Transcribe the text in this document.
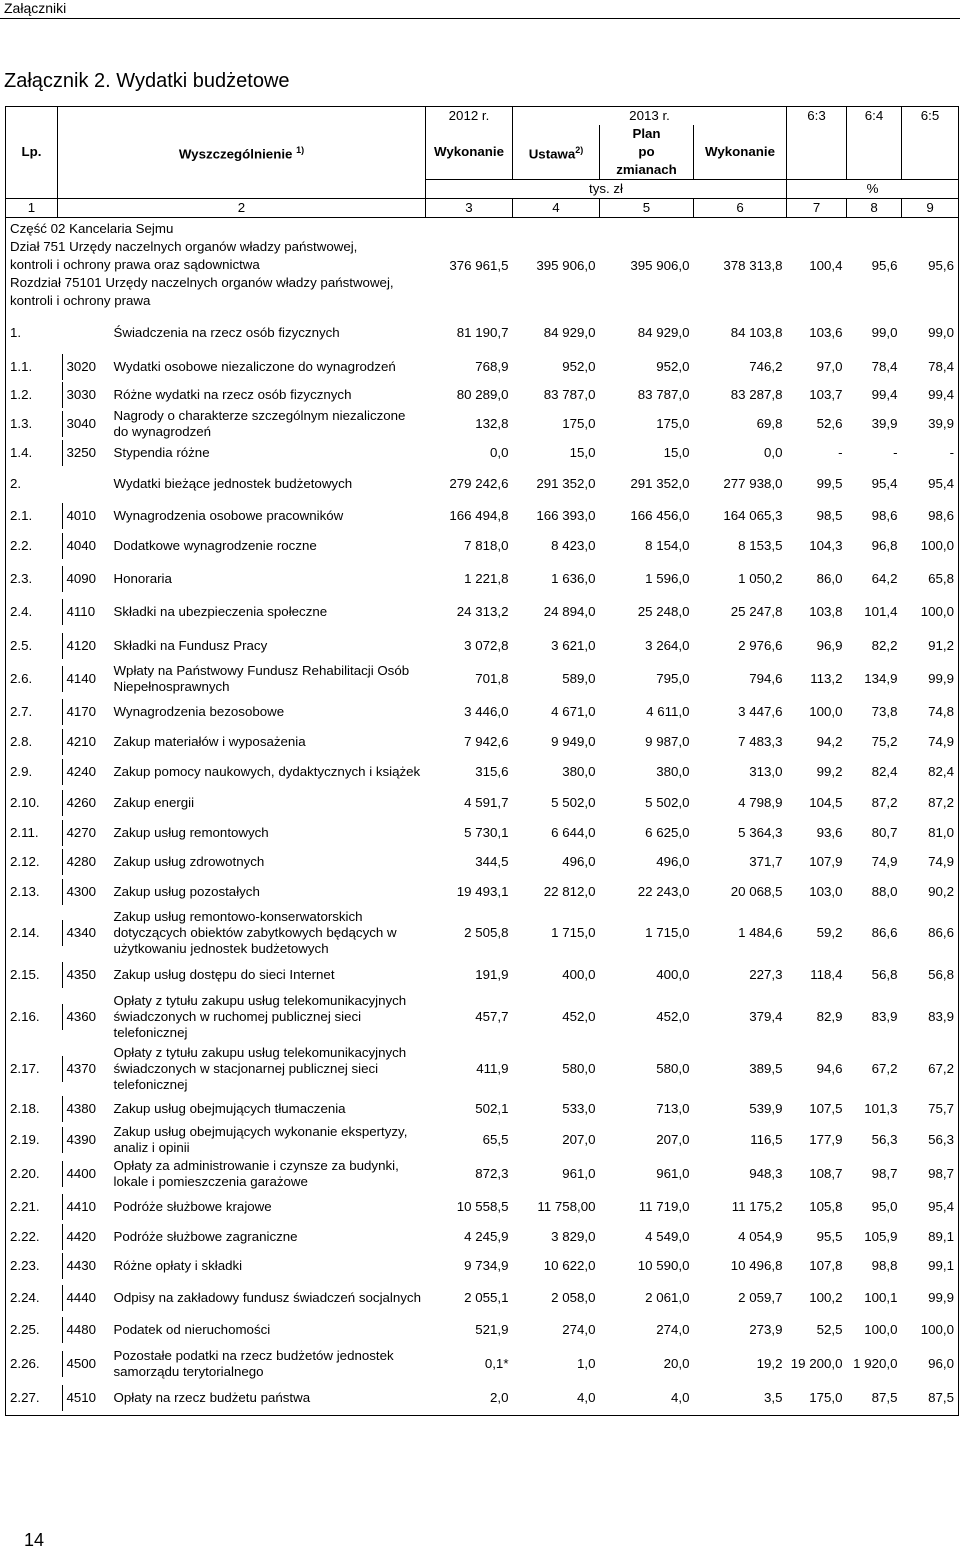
Załączniki
Załącznik 2. Wydatki budżetowe
			2012 r.	2013 r.			6:3	6:4	6:5
Lp.	Wyszczególnienie $^{1)}$		Wykonanie	Ustawa$^{2)}$	Plan
po
zmianach	Wykonanie			
			tys. zł				%		
1	2		3	4	5	6	7	8	9

Część 02 Kancelaria Sejmu
Dział 751 Urzędy naczelnych organów władzy państwowej,
kontroli i ochrony prawa oraz sądownictwa
Rozdział 75101 Urzędy naczelnych organów władzy państwowej,
kontroli i ochrony prawa			376 961,5	395 906,0	395 906,0	378 313,8	100,4	95,6	95,6
1.		Świadczenia na rzecz osób fizycznych	81 190,7	84 929,0	84 929,0	84 103,8	103,6	99,0	99,0
1.1.	3020	Wydatki osobowe niezaliczone do wynagrodzeń	768,9	952,0	952,0	746,2	97,0	78,4	78,4
1.2.	3030	Różne wydatki na rzecz osób fizycznych	80 289,0	83 787,0	83 787,0	83 287,8	103,7	99,4	99,4
1.3.	3040	Nagrody o charakterze szczególnym niezaliczone do wynagrodzeń	132,8	175,0	175,0	69,8	52,6	39,9	39,9
1.4.	3250	Stypendia różne	0,0	15,0	15,0	0,0	-	-	-
2.		Wydatki bieżące jednostek budżetowych	279 242,6	291 352,0	291 352,0	277 938,0	99,5	95,4	95,4
2.1.	4010	Wynagrodzenia osobowe pracowników	166 494,8	166 393,0	166 456,0	164 065,3	98,5	98,6	98,6
2.2.	4040	Dodatkowe wynagrodzenie roczne	7 818,0	8 423,0	8 154,0	8 153,5	104,3	96,8	100,0
2.3.	4090	Honoraria	1 221,8	1 636,0	1 596,0	1 050,2	86,0	64,2	65,8
2.4.	4110	Składki na ubezpieczenia społeczne	24 313,2	24 894,0	25 248,0	25 247,8	103,8	101,4	100,0
2.5.	4120	Składki na Fundusz Pracy	3 072,8	3 621,0	3 264,0	2 976,6	96,9	82,2	91,2
2.6.	4140	Wpłaty na Państwowy Fundusz Rehabilitacji Osób Niepełnosprawnych	701,8	589,0	795,0	794,6	113,2	134,9	99,9
2.7.	4170	Wynagrodzenia bezosobowe	3 446,0	4 671,0	4 611,0	3 447,6	100,0	73,8	74,8
2.8.	4210	Zakup materiałów i wyposażenia	7 942,6	9 949,0	9 987,0	7 483,3	94,2	75,2	74,9
2.9.	4240	Zakup pomocy naukowych, dydaktycznych i książek	315,6	380,0	380,0	313,0	99,2	82,4	82,4
2.10.	4260	Zakup energii	4 591,7	5 502,0	5 502,0	4 798,9	104,5	87,2	87,2
2.11.	4270	Zakup usług remontowych	5 730,1	6 644,0	6 625,0	5 364,3	93,6	80,7	81,0
2.12.	4280	Zakup usług zdrowotnych	344,5	496,0	496,0	371,7	107,9	74,9	74,9
2.13.	4300	Zakup usług pozostałych	19 493,1	22 812,0	22 243,0	20 068,5	103,0	88,0	90,2
2.14.	4340	Zakup usług remontowo-konserwatorskich dotyczących obiektów zabytkowych będących w użytkowaniu jednostek budżetowych	2 505,8	1 715,0	1 715,0	1 484,6	59,2	86,6	86,6
2.15.	4350	Zakup usług dostępu do sieci Internet	191,9	400,0	400,0	227,3	118,4	56,8	56,8
2.16.	4360	Opłaty z tytułu zakupu usług telekomunikacyjnych świadczonych w ruchomej publicznej sieci telefonicznej	457,7	452,0	452,0	379,4	82,9	83,9	83,9
2.17.	4370	Opłaty z tytułu zakupu usług telekomunikacyjnych świadczonych w stacjonarnej publicznej sieci telefonicznej	411,9	580,0	580,0	389,5	94,6	67,2	67,2
2.18.	4380	Zakup usług obejmujących tłumaczenia	502,1	533,0	713,0	539,9	107,5	101,3	75,7
2.19.	4390	Zakup usług obejmujących wykonanie ekspertyzy, analiz i opinii	65,5	207,0	207,0	116,5	177,9	56,3	56,3
2.20.	4400	Opłaty za administrowanie i czynsze za budynki, lokale i pomieszczenia garażowe	872,3	961,0	961,0	948,3	108,7	98,7	98,7
2.21.	4410	Podróże służbowe krajowe	10 558,5	11 758,00	11 719,0	11 175,2	105,8	95,0	95,4
2.22.	4420	Podróże służbowe zagraniczne	4 245,9	3 829,0	4 549,0	4 054,9	95,5	105,9	89,1
2.23.	4430	Różne opłaty i składki	9 734,9	10 622,0	10 590,0	10 496,8	107,8	98,8	99,1
2.24.	4440	Odpisy na zakładowy fundusz świadczeń socjalnych	2 055,1	2 058,0	2 061,0	2 059,7	100,2	100,1	99,9
2.25.	4480	Podatek od nieruchomości	521,9	274,0	274,0	273,9	52,5	100,0	100,0
2.26.	4500	Pozostałe podatki na rzecz budżetów jednostek samorządu terytorialnego	0,1*	1,0	20,0	19,2	19 200,0	1 920,0	96,0
2.27.	4510	Opłaty na rzecz budżetu państwa	2,0	4,0	4,0	3,5	175,0	87,5	87,5
14
